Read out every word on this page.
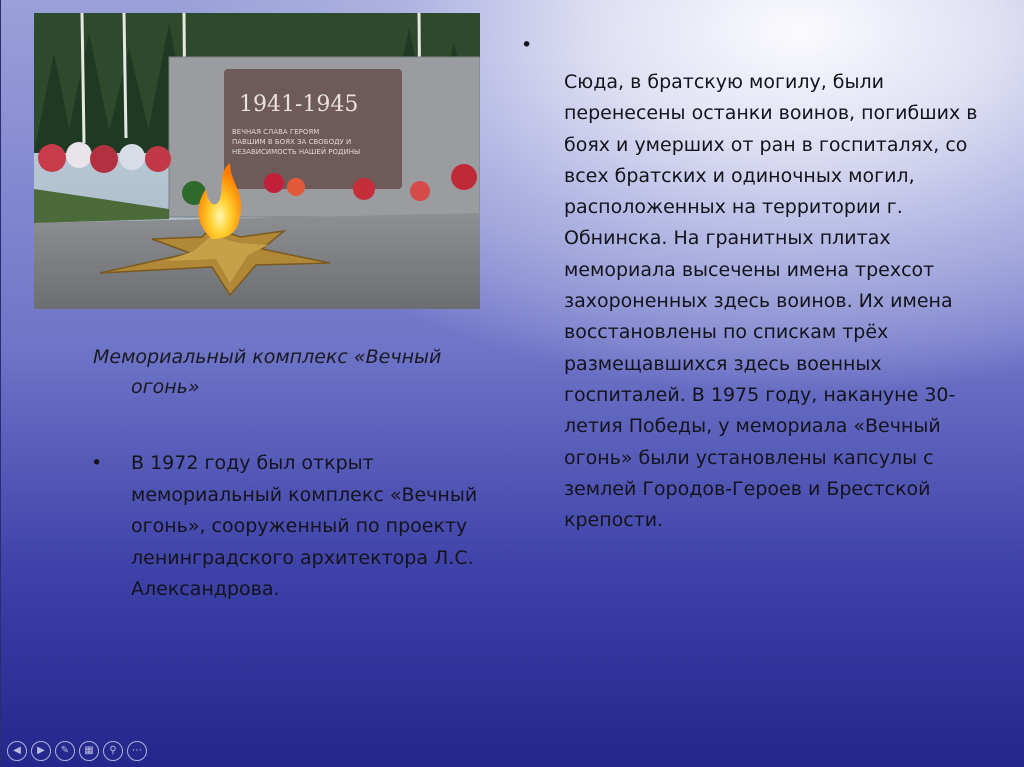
1941-1945
ВЕЧНАЯ СЛАВА ГЕРОЯМ
ПАВШИМ В БОЯХ ЗА СВОБОДУ И
НЕЗАВИСИМОСТЬ НАШЕЙ РОДИНЫ
Мемориальный комплекс «Вечный
огонь»
•	В 1972 году был открыт мемориальный комплекс «Вечный огонь», сооруженный по проекту ленинградского архитектора Л.С. Александрова.
•
Сюда, в братскую могилу, были перенесены останки воинов, погибших в боях и умерших от ран в госпиталях, со всех братских и одиночных могил, расположенных на территории г. Обнинска. На гранитных плитах мемориала высечены имена трехсот захороненных здесь воинов. Их имена восстановлены по спискам трёх размещавшихся здесь военных госпиталей. В 1975 году, накануне 30-летия Победы, у мемориала «Вечный огонь» были установлены капсулы с землей Городов-Героев и Брестской крепости.
◀ ▶ ✎ ▦ ⚲ ⋯
